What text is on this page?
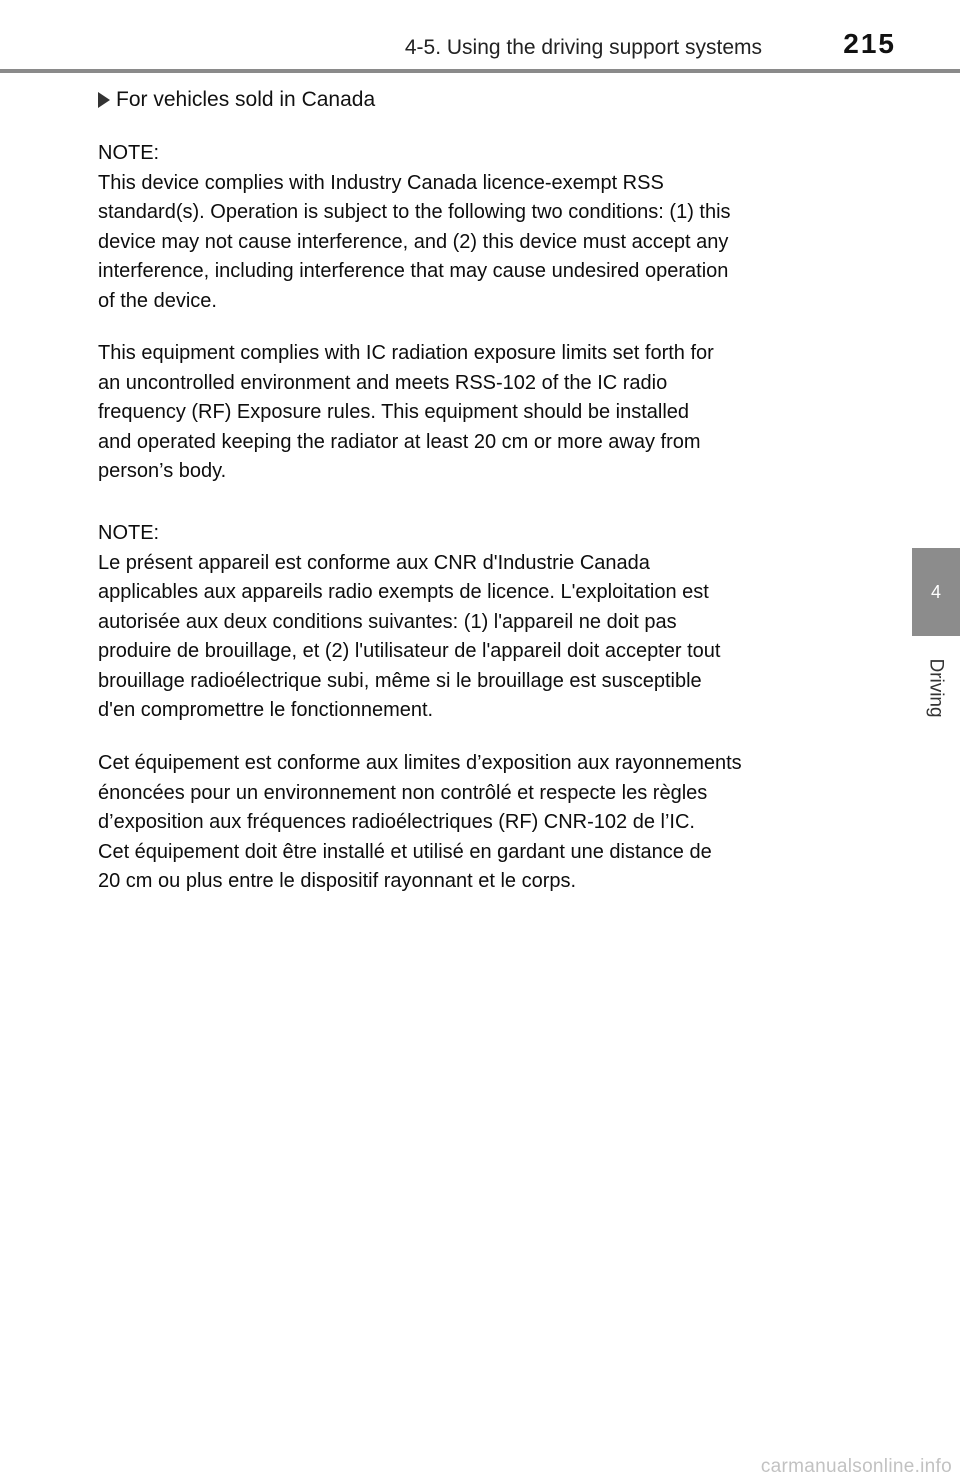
4-5. Using the driving support systems	215
4
Driving
For vehicles sold in Canada

NOTE:
This device complies with Industry Canada licence-exempt RSS
standard(s). Operation is subject to the following two conditions: (1) this
device may not cause interference, and (2) this device must accept any
interference, including interference that may cause undesired operation
of the device.

This equipment complies with IC radiation exposure limits set forth for
an uncontrolled environment and meets RSS-102 of the IC radio
frequency (RF) Exposure rules. This equipment should be installed
and operated keeping the radiator at least 20 cm or more away from
person’s body.

NOTE:
Le présent appareil est conforme aux CNR d'Industrie Canada
applicables aux appareils radio exempts de licence. L'exploitation est
autorisée aux deux conditions suivantes: (1) l'appareil ne doit pas
produire de brouillage, et (2) l'utilisateur de l'appareil doit accepter tout
brouillage radioélectrique subi, même si le brouillage est susceptible
d'en compromettre le fonctionnement.

Cet équipement est conforme aux limites d’exposition aux rayonnements
énoncées pour un environnement non contrôlé et respecte les règles
d’exposition aux fréquences radioélectriques (RF) CNR-102 de l’IC.
Cet équipement doit être installé et utilisé en gardant une distance de
20 cm ou plus entre le dispositif rayonnant et le corps.

carmanualsonline.info
